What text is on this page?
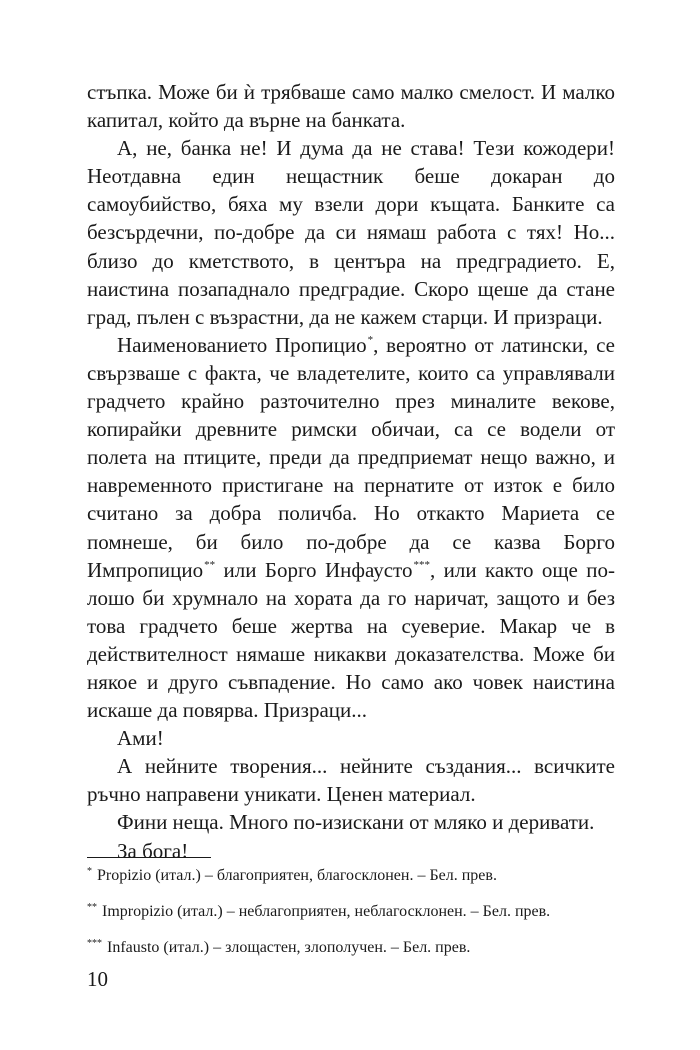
стъпка. Може би ѝ трябваше само малко смелост. И малко капитал, който да върне на банката.

А, не, банка не! И дума да не става! Тези кожодери! Неотдавна един нещастник беше докаран до самоубийство, бяха му взели дори къщата. Банките са безсърдечни, по-добре да си нямаш работа с тях! Но... близо до кметството, в центъра на предградието. Е, наистина позападнало предградие. Скоро щеше да стане град, пълен с възрастни, да не кажем старци. И призраци.

Наименованието Пропицио*, вероятно от латински, се свързваше с факта, че владетелите, които са управлявали градчето крайно разточително през миналите векове, копирайки древните римски обичаи, са се водели от полета на птиците, преди да предприемат нещо важно, и навременното пристигане на пернатите от изток е било считано за добра поличба. Но откакто Мариета се помнеше, би било по-добре да се казва Борго Импропицио** или Борго Инфаусто***, или както още по-лошо би хрумнало на хората да го наричат, защото и без това градчето беше жертва на суеверие. Макар че в действителност нямаше никакви доказателства. Може би някое и друго съвпадение. Но само ако човек наистина искаше да повярва. Призраци...

Ами!

А нейните творения... нейните създания... всичките ръчно направени уникати. Ценен материал.

Фини неща. Много по-изискани от мляко и деривати.

За бога!

* Propizio (итал.) – благоприятен, благосклонен. – Бел. прев.
** Impropizio (итал.) – неблагоприятен, неблагосклонен. – Бел. прев.
*** Infausto (итал.) – злощастен, злополучен. – Бел. прев.
10
